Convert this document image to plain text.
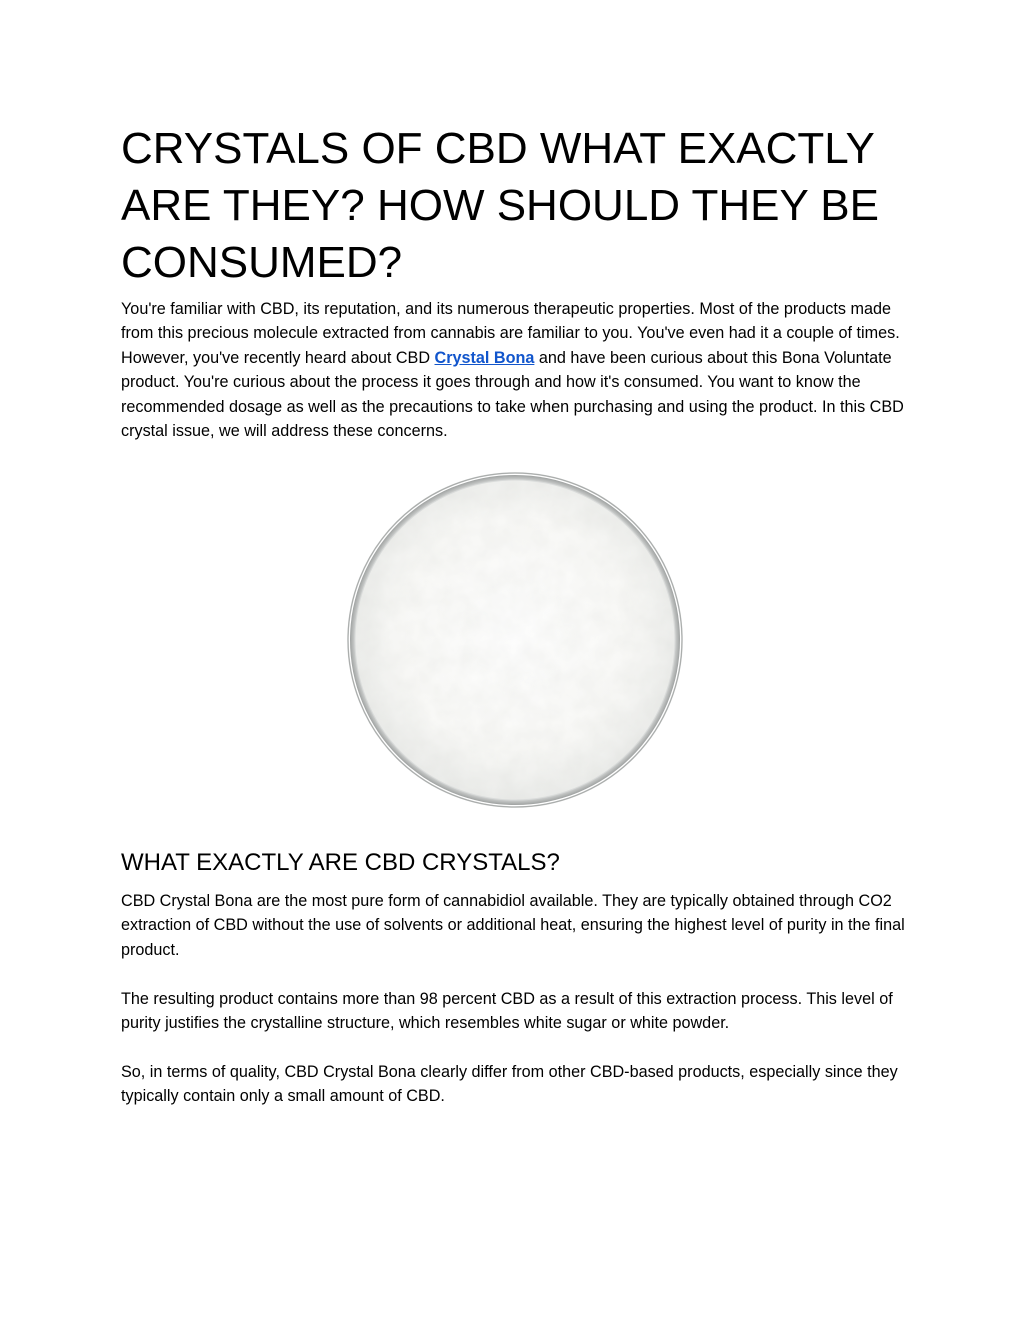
CRYSTALS OF CBD WHAT EXACTLY ARE THEY? HOW SHOULD THEY BE CONSUMED?

You're familiar with CBD, its reputation, and its numerous therapeutic properties. Most of the products made from this precious molecule extracted from cannabis are familiar to you. You've even had it a couple of times. However, you've recently heard about CBD Crystal Bona and have been curious about this Bona Voluntate product. You're curious about the process it goes through and how it's consumed. You want to know the recommended dosage as well as the precautions to take when purchasing and using the product. In this CBD crystal issue, we will address these concerns.

WHAT EXACTLY ARE CBD CRYSTALS?

CBD Crystal Bona are the most pure form of cannabidiol available. They are typically obtained through CO2 extraction of CBD without the use of solvents or additional heat, ensuring the highest level of purity in the final product.

The resulting product contains more than 98 percent CBD as a result of this extraction process. This level of purity justifies the crystalline structure, which resembles white sugar or white powder.

So, in terms of quality, CBD Crystal Bona clearly differ from other CBD-based products, especially since they typically contain only a small amount of CBD.
